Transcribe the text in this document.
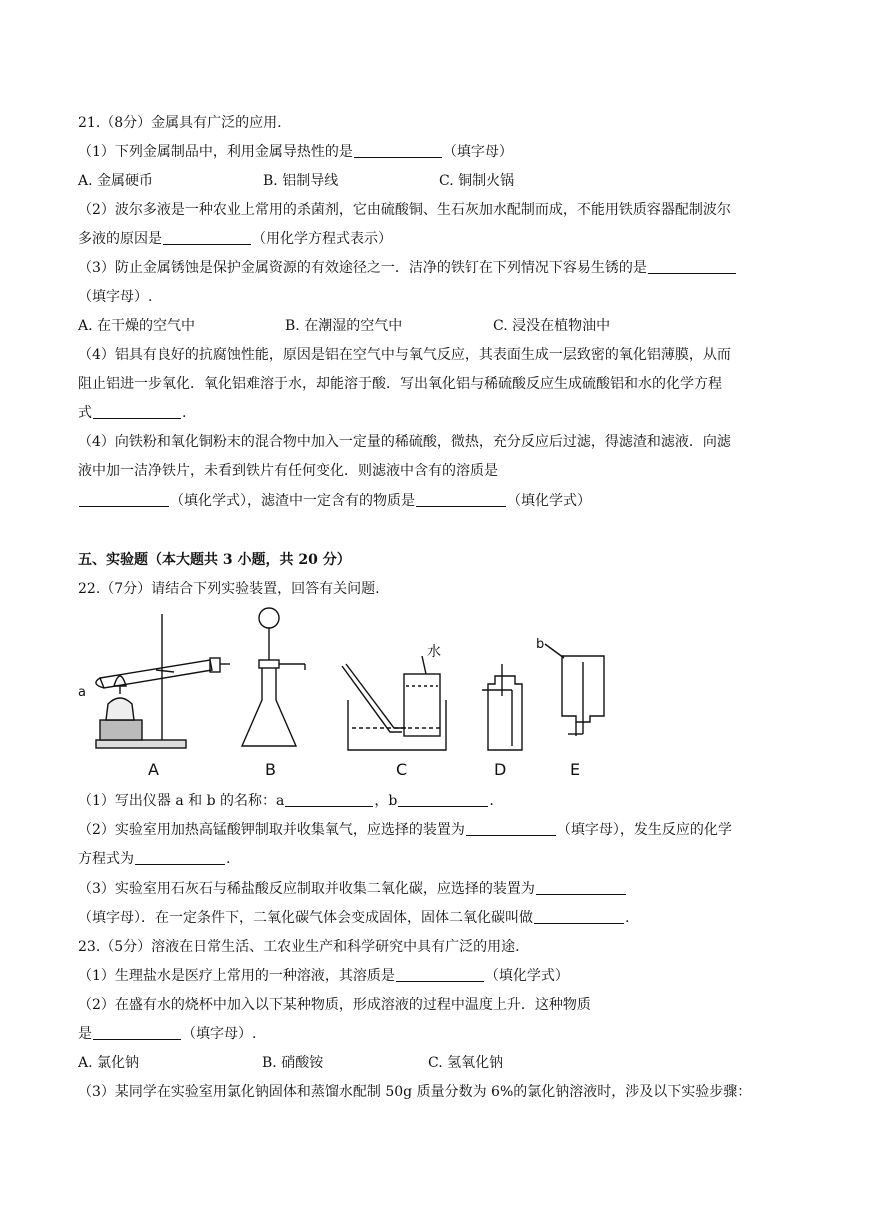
21.（8分）金属具有广泛的应用.
（1）下列金属制品中，利用金属导热性的是	（填字母）
A. 金属硬币	B. 铝制导线	C. 铜制火锅
（2）波尔多液是一种农业上常用的杀菌剂，它由硫酸铜、生石灰加水配制而成，不能用铁质容器配制波尔
多液的原因是	（用化学方程式表示）
（3）防止金属锈蚀是保护金属资源的有效途径之一．洁净的铁钉在下列情况下容易生锈的是
（填字母）.
A. 在干燥的空气中	B. 在潮湿的空气中	C. 浸没在植物油中
（4）铝具有良好的抗腐蚀性能，原因是铝在空气中与氧气反应，其表面生成一层致密的氧化铝薄膜，从而
阻止铝进一步氧化．氧化铝难溶于水，却能溶于酸．写出氧化铝与稀硫酸反应生成硫酸铝和水的化学方程
式	.
（4）向铁粉和氧化铜粉末的混合物中加入一定量的稀硫酸，微热，充分反应后过滤，得滤渣和滤液．向滤
液中加一洁净铁片，未看到铁片有任何变化．则滤液中含有的溶质是
（填化学式），滤渣中一定含有的物质是	（填化学式）
五、实验题（本大题共 3 小题，共 20 分）
22.（7分）请结合下列实验装置，回答有关问题.
a
水	b
A	B	C	D	E
（1）写出仪器 a 和 b 的名称：a	，b	.
（2）实验室用加热高锰酸钾制取并收集氧气，应选择的装置为	（填字母），发生反应的化学
方程式为	.
（3）实验室用石灰石与稀盐酸反应制取并收集二氧化碳，应选择的装置为
（填字母）．在一定条件下，二氧化碳气体会变成固体，固体二氧化碳叫做	.
23.（5分）溶液在日常生活、工农业生产和科学研究中具有广泛的用途.
（1）生理盐水是医疗上常用的一种溶液，其溶质是	（填化学式）
（2）在盛有水的烧杯中加入以下某种物质，形成溶液的过程中温度上升．这种物质
是	（填字母）.
A. 氯化钠	B. 硝酸铵	C. 氢氧化钠
（3）某同学在实验室用氯化钠固体和蒸馏水配制 50g 质量分数为 6%的氯化钠溶液时，涉及以下实验步骤：
